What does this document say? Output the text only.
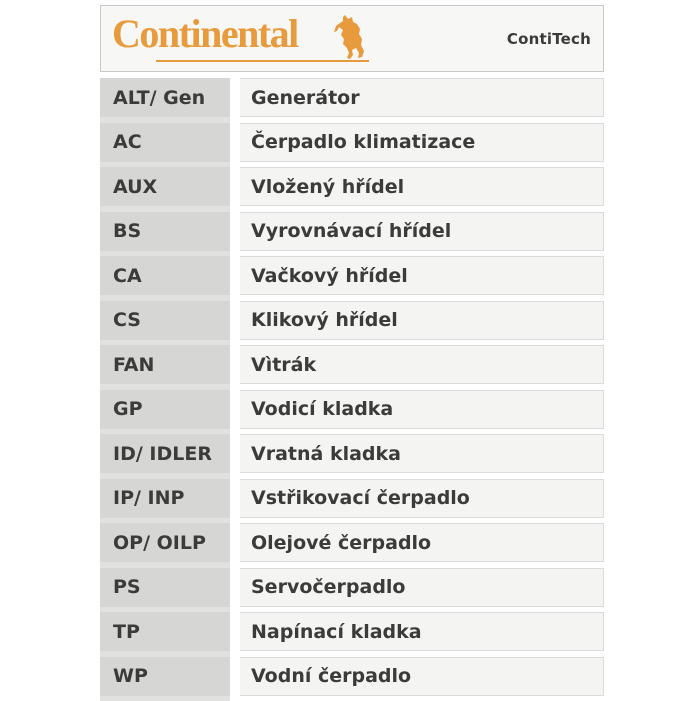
Continental	ContiTech
ALT/ Gen	Generátor
AC	Čerpadlo klimatizace
AUX	Vložený hřídel
BS	Vyrovnávací hřídel
CA	Vačkový hřídel
CS	Klikový hřídel
FAN	Vìtrák
GP	Vodicí kladka
ID/ IDLER	Vratná kladka
IP/ INP	Vstřikovací čerpadlo
OP/ OILP	Olejové čerpadlo
PS	Servočerpadlo
TP	Napínací kladka
WP	Vodní čerpadlo
